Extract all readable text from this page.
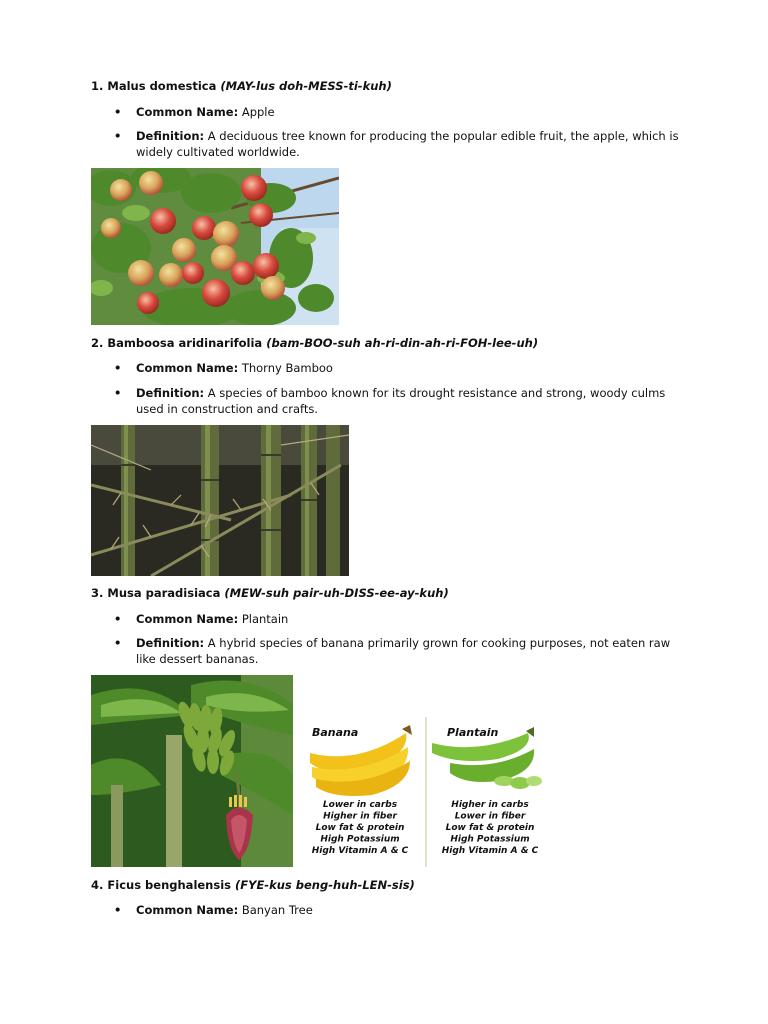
1. Malus domestica (MAY-lus doh-MESS-ti-kuh)
• Common Name: Apple
• Definition: A deciduous tree known for producing the popular edible fruit, the apple, which is widely cultivated worldwide.
2. Bamboosa aridinarifolia (bam-BOO-suh ah-ri-din-ah-ri-FOH-lee-uh)
• Common Name: Thorny Bamboo
• Definition: A species of bamboo known for its drought resistance and strong, woody culms used in construction and crafts.
3. Musa paradisiaca (MEW-suh pair-uh-DISS-ee-ay-kuh)
• Common Name: Plantain
• Definition: A hybrid species of banana primarily grown for cooking purposes, not eaten raw like dessert bananas.
Banana	Plantain
Lower in carbs
Higher in fiber
Low fat & protein
High Potassium
High Vitamin A & C
Higher in carbs
Lower in fiber
Low fat & protein
High Potassium
High Vitamin A & C
4. Ficus benghalensis (FYE-kus beng-huh-LEN-sis)
• Common Name: Banyan Tree
